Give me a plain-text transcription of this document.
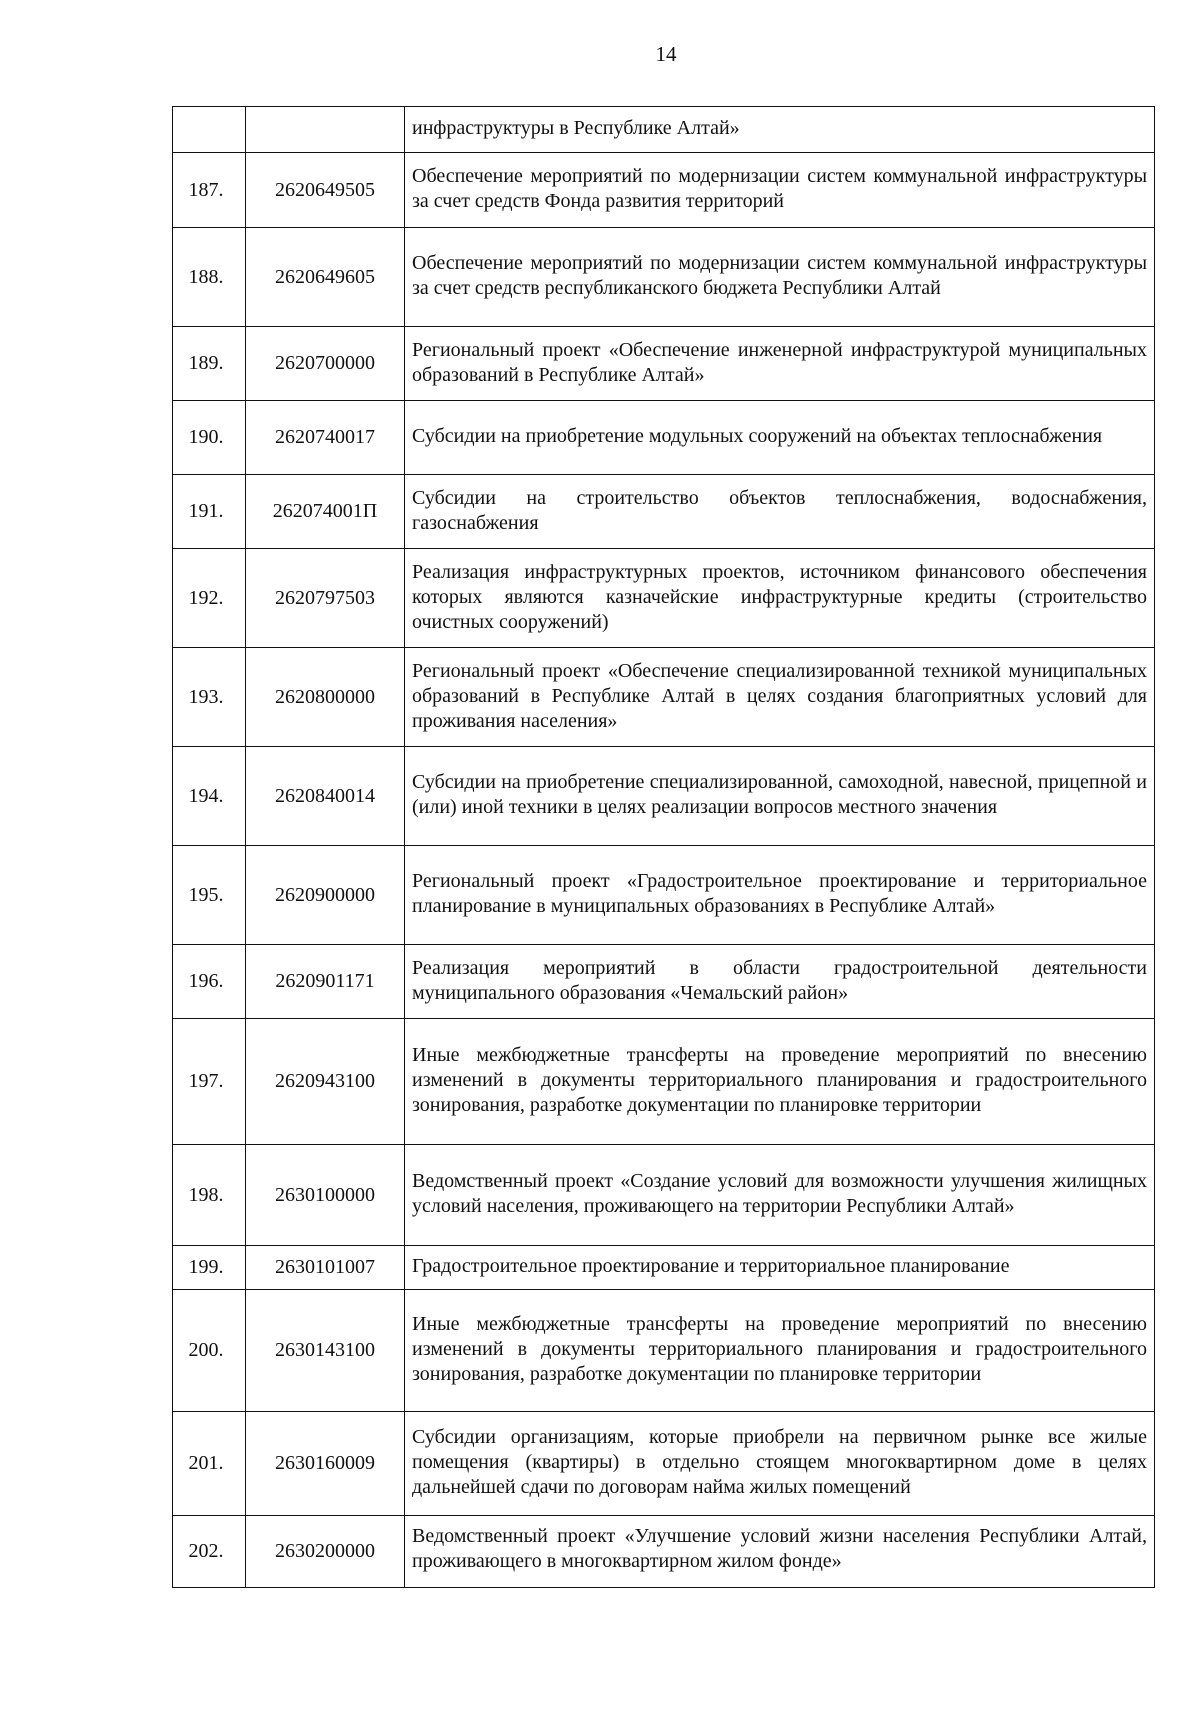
14
		инфраструктуры в Республике Алтай»
187.	2620649505	Обеспечение мероприятий по модернизации систем коммунальной инфраструктуры за счет средств Фонда развития территорий
188.	2620649605	Обеспечение мероприятий по модернизации систем коммунальной инфраструктуры за счет средств республиканского бюджета Республики Алтай
189.	2620700000	Региональный проект «Обеспечение инженерной инфраструктурой муниципальных образований в Республике Алтай»
190.	2620740017	Субсидии на приобретение модульных сооружений на объектах теплоснабжения
191.	262074001П	Субсидии на строительство объектов теплоснабжения, водоснабжения, газоснабжения
192.	2620797503	Реализация инфраструктурных проектов, источником финансового обеспечения которых являются казначейские инфраструктурные кредиты (строительство очистных сооружений)
193.	2620800000	Региональный проект «Обеспечение специализированной техникой муниципальных образований в Республике Алтай в целях создания благоприятных условий для проживания населения»
194.	2620840014	Субсидии на приобретение специализированной, самоходной, навесной, прицепной и (или) иной техники в целях реализации вопросов местного значения
195.	2620900000	Региональный проект «Градостроительное проектирование и территориальное планирование в муниципальных образованиях в Республике Алтай»
196.	2620901171	Реализация мероприятий в области градостроительной деятельности муниципального образования «Чемальский район»
197.	2620943100	Иные межбюджетные трансферты на проведение мероприятий по внесению изменений в документы территориального планирования и градостроительного зонирования, разработке документации по планировке территории
198.	2630100000	Ведомственный проект «Создание условий для возможности улучшения жилищных условий населения, проживающего на территории Республики Алтай»
199.	2630101007	Градостроительное проектирование и территориальное планирование
200.	2630143100	Иные межбюджетные трансферты на проведение мероприятий по внесению изменений в документы территориального планирования и градостроительного зонирования, разработке документации по планировке территории
201.	2630160009	Субсидии организациям, которые приобрели на первичном рынке все жилые помещения (квартиры) в отдельно стоящем многоквартирном доме в целях дальнейшей сдачи по договорам найма жилых помещений
202.	2630200000	Ведомственный проект «Улучшение условий жизни населения Республики Алтай, проживающего в многоквартирном жилом фонде»
